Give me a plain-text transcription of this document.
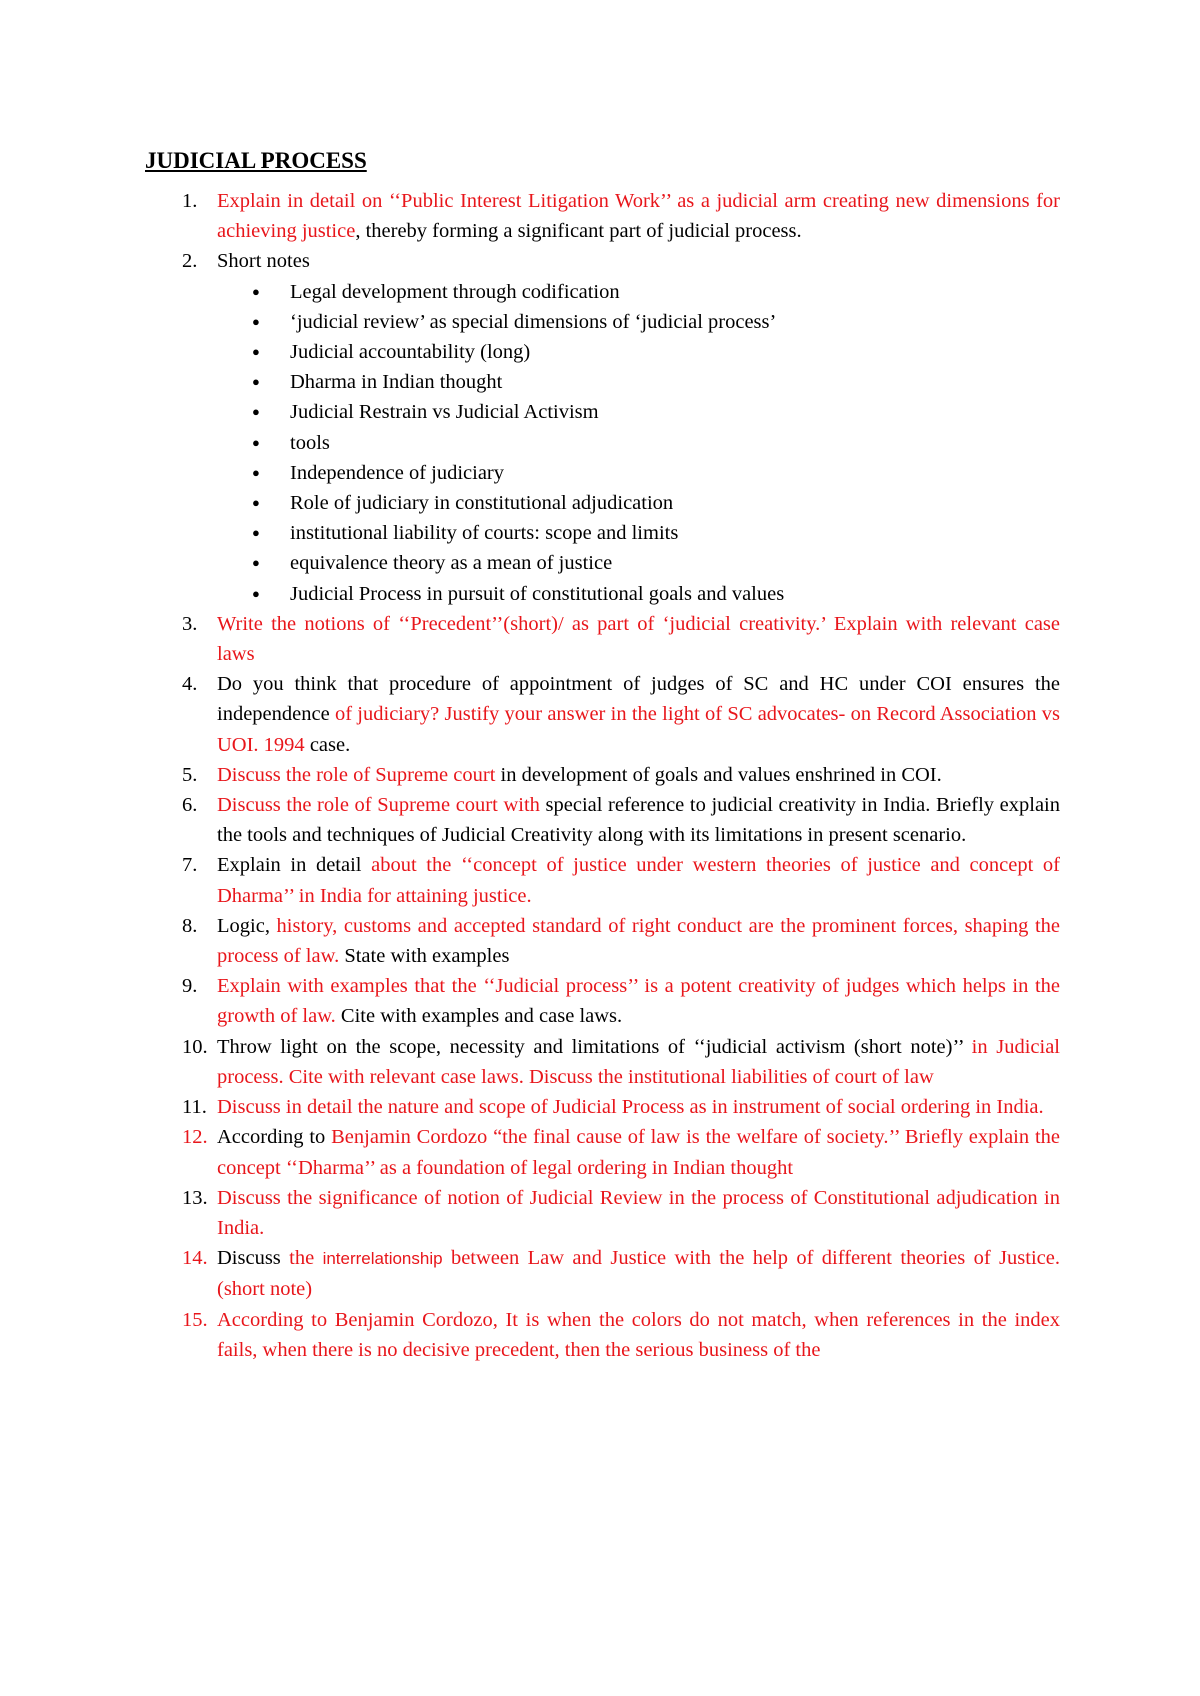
JUDICIAL PROCESS
1. Explain in detail on ‘‘Public Interest Litigation Work’’ as a judicial arm creating new dimensions for achieving justice, thereby forming a significant part of judicial process.
2. Short notes
● Legal development through codification
● ‘judicial review’ as special dimensions of ‘judicial process’
● Judicial accountability (long)
● Dharma in Indian thought
● Judicial Restrain vs Judicial Activism
● tools
● Independence of judiciary
● Role of judiciary in constitutional adjudication
● institutional liability of courts: scope and limits
● equivalence theory as a mean of justice
● Judicial Process in pursuit of constitutional goals and values
3. Write the notions of ‘‘Precedent’’(short)/ as part of ‘judicial creativity.’ Explain with relevant case laws
4. Do you think that procedure of appointment of judges of SC and HC under COI ensures the independence of judiciary? Justify your answer in the light of SC advocates- on Record Association vs UOI. 1994 case.
5. Discuss the role of Supreme court in development of goals and values enshrined in COI.
6. Discuss the role of Supreme court with special reference to judicial creativity in India. Briefly explain the tools and techniques of Judicial Creativity along with its limitations in present scenario.
7. Explain in detail about the ‘‘concept of justice under western theories of justice and concept of Dharma’’ in India for attaining justice.
8. Logic, history, customs and accepted standard of right conduct are the prominent forces, shaping the process of law. State with examples
9. Explain with examples that the ‘‘Judicial process’’ is a potent creativity of judges which helps in the growth of law. Cite with examples and case laws.
10. Throw light on the scope, necessity and limitations of ‘‘judicial activism (short note)’’ in Judicial process. Cite with relevant case laws. Discuss the institutional liabilities of court of law
11. Discuss in detail the nature and scope of Judicial Process as in instrument of social ordering in India.
12. According to Benjamin Cordozo “the final cause of law is the welfare of society.’’ Briefly explain the concept ‘‘Dharma’’ as a foundation of legal ordering in Indian thought
13. Discuss the significance of notion of Judicial Review in the process of Constitutional adjudication in India.
14. Discuss the interrelationship between Law and Justice with the help of different theories of Justice. (short note)
15. According to Benjamin Cordozo, It is when the colors do not match, when references in the index fails, when there is no decisive precedent, then the serious business of the
